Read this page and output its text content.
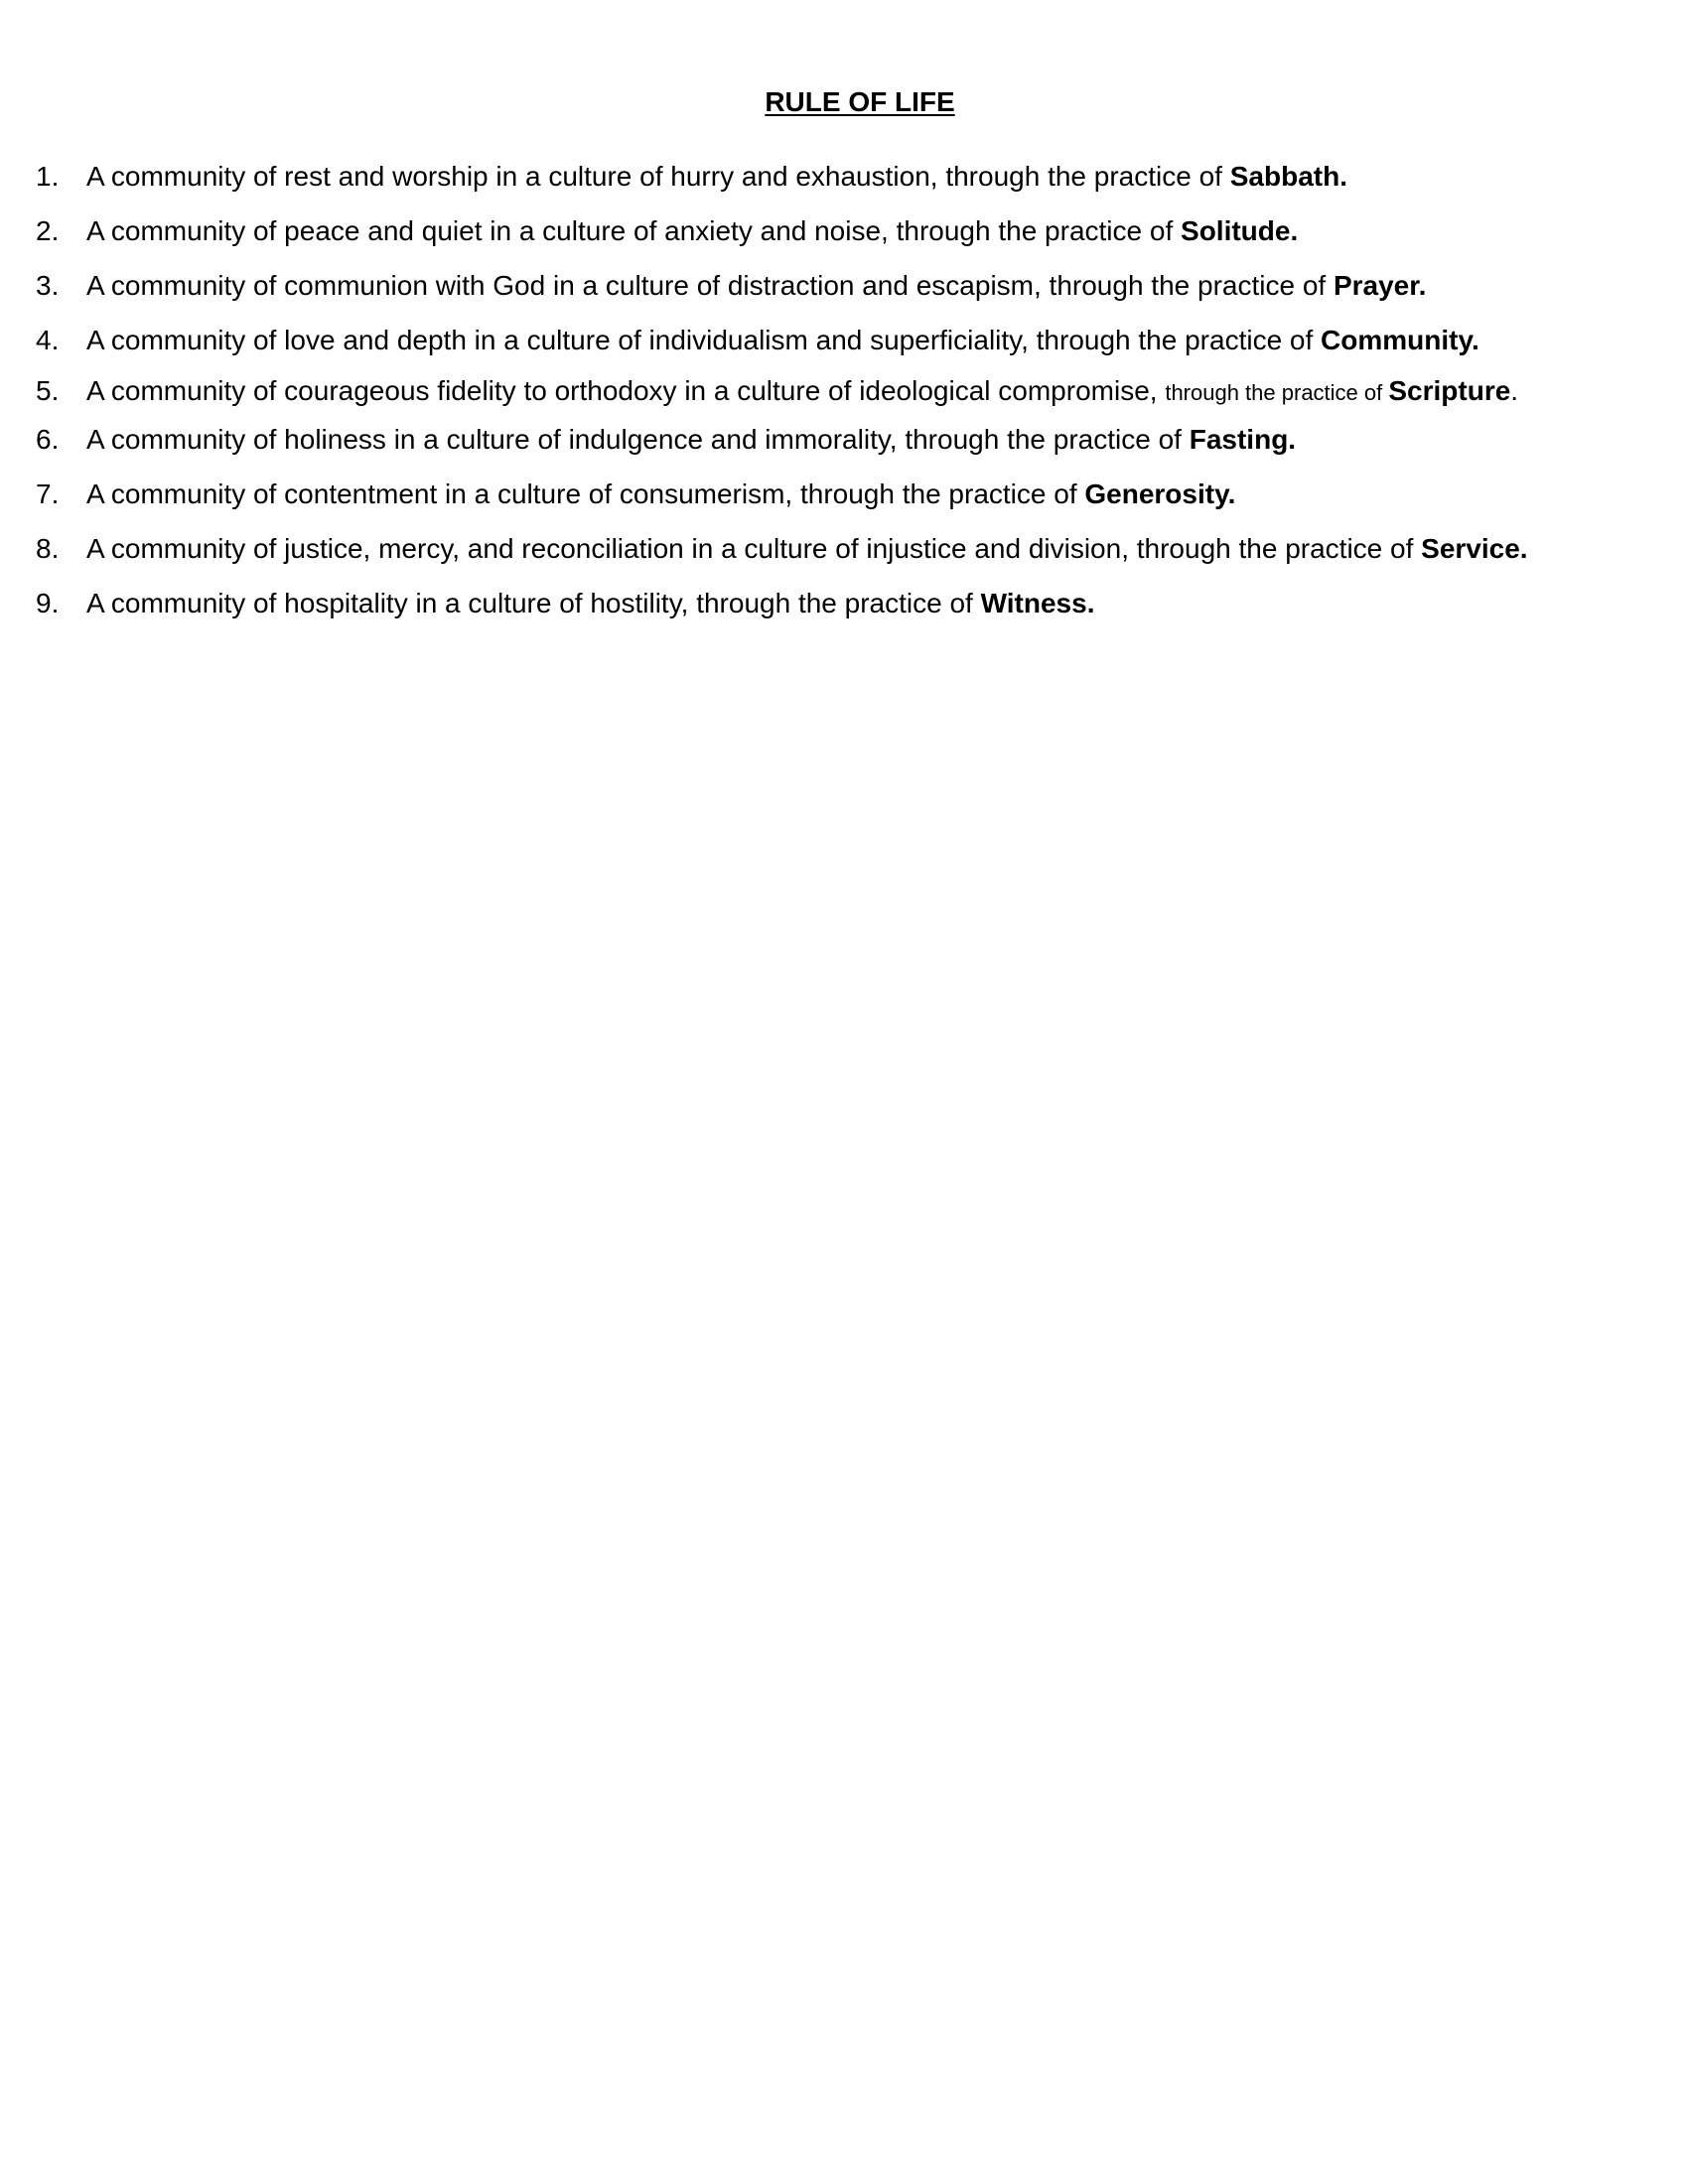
RULE OF LIFE
1. A community of rest and worship in a culture of hurry and exhaustion, through the practice of Sabbath.
2. A community of peace and quiet in a culture of anxiety and noise, through the practice of Solitude.
3. A community of communion with God in a culture of distraction and escapism, through the practice of Prayer.
4. A community of love and depth in a culture of individualism and superficiality, through the practice of Community.
5. A community of courageous fidelity to orthodoxy in a culture of ideological compromise, through the practice of Scripture.
6. A community of holiness in a culture of indulgence and immorality, through the practice of Fasting.
7. A community of contentment in a culture of consumerism, through the practice of Generosity.
8. A community of justice, mercy, and reconciliation in a culture of injustice and division, through the practice of Service.
9. A community of hospitality in a culture of hostility, through the practice of Witness.
